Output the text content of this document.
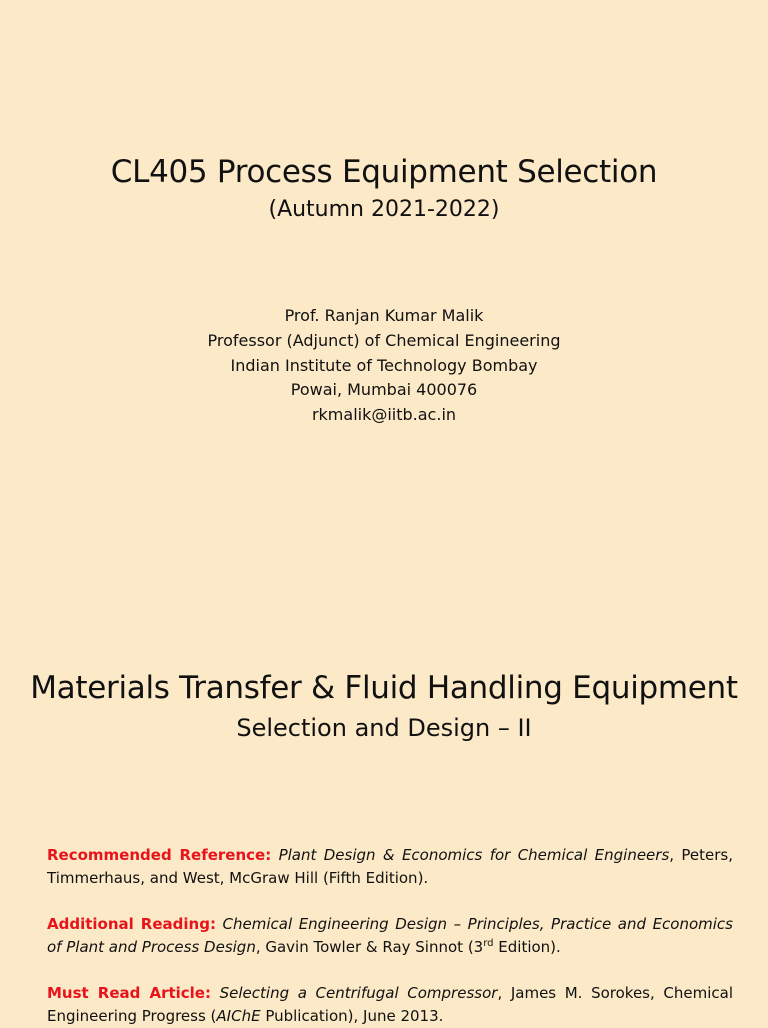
CL405 Process Equipment Selection
(Autumn 2021-2022)
Prof. Ranjan Kumar Malik
Professor (Adjunct) of Chemical Engineering
Indian Institute of Technology Bombay
Powai, Mumbai 400076
rkmalik@iitb.ac.in
Materials Transfer & Fluid Handling Equipment
Selection and Design – II

Recommended Reference: Plant Design & Economics for Chemical Engineers, Peters, Timmerhaus, and West, McGraw Hill (Fifth Edition).

Additional Reading: Chemical Engineering Design – Principles, Practice and Economics of Plant and Process Design, Gavin Towler & Ray Sinnot (3rd Edition).

Must Read Article: Selecting a Centrifugal Compressor, James M. Sorokes, Chemical Engineering Progress (AIChE Publication), June 2013.
